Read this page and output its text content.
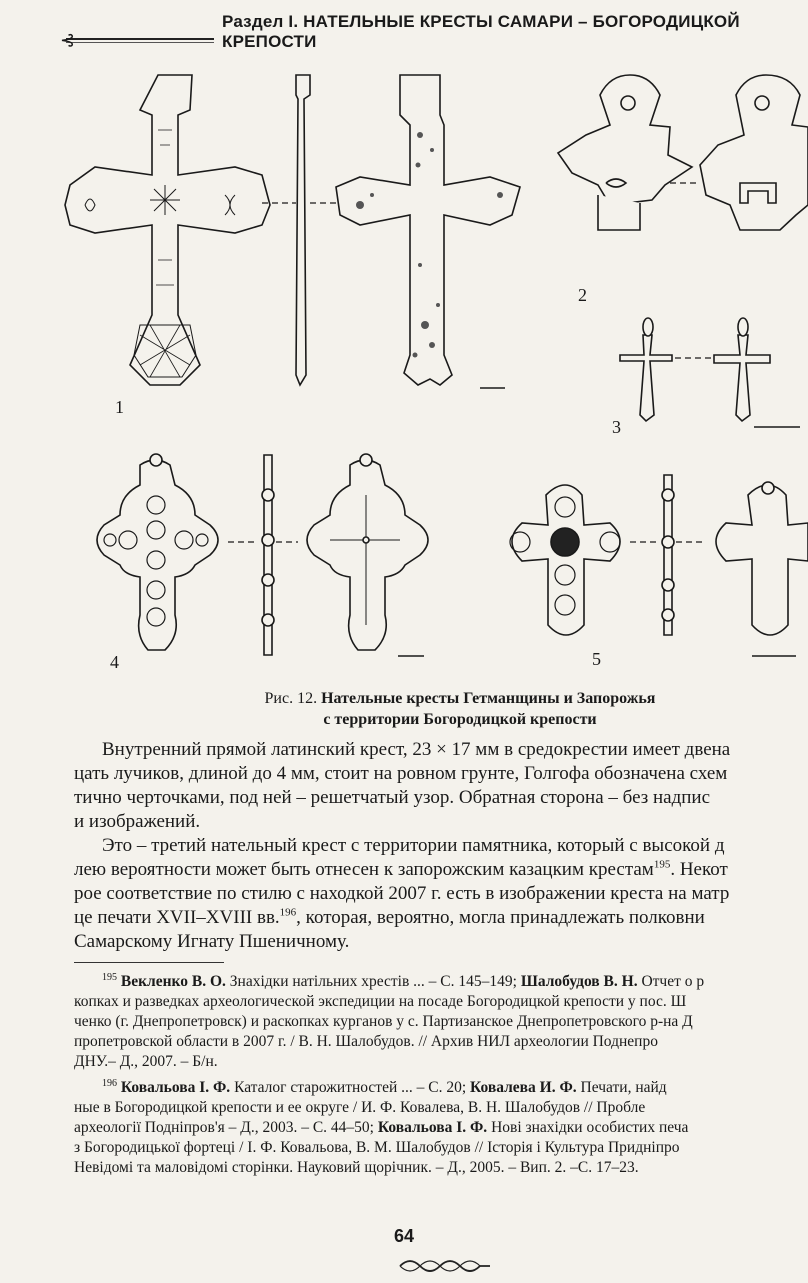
⊰
Раздел I. НАТЕЛЬНЫЕ КРЕСТЫ САМАРИ – БОГОРОДИЦКОЙ КРЕПОСТИ
1
2
3
4	5
Рис. 12. Нательные кресты Гетманщины и Запорожья
с территории Богородицкой крепости

Внутренний прямой латинский крест, 23 × 17 мм в средокрестии имеет двена

цать лучиков, длиной до 4 мм, стоит на ровном грунте, Голгофа обозначена схем

тично черточками, под ней – решетчатый узор. Обратная сторона – без надпис

и изображений.

Это – третий нательный крест с территории памятника, который с высокой д

лею вероятности может быть отнесен к запорожским казацким крестам$^{195}$. Некот

рое соответствие по стилю с находкой 2007 г. есть в изображении креста на матр

це печати XVII–XVIII вв.$^{196}$, которая, вероятно, могла принадлежать полковни

Самарскому Игнату Пшеничному.

$^{195}$ Векленко В. О. Знахідки натільних хрестів ... – С. 145–149; Шалобудов В. Н. Отчет о р

копках и разведках археологической экспедиции на посаде Богородицкой крепости у пос. Ш

ченко (г. Днепропетровск) и раскопках курганов у с. Партизанское Днепропетровского р-на Д

пропетровской области в 2007 г. / В. Н. Шалобудов. // Архив НИЛ археологии Поднепро

ДНУ.– Д., 2007. – Б/н.

$^{196}$ Ковальова І. Ф. Каталог старожитностей ... – С. 20; Ковалева И. Ф. Печати, найд

ные в Богородицкой крепости и ее округе / И. Ф. Ковалева, В. Н. Шалобудов // Пробле

археології Подніпров'я – Д., 2003. – С. 44–50; Ковальова І. Ф. Нові знахідки особистих печа

з Богородицької фортеці / І. Ф. Ковальова, В. М. Шалобудов // Історія і Культура Придніпро

Невідомі та маловідомі сторінки. Науковий щорічник. – Д., 2005. – Вип. 2. –С. 17–23.

64
